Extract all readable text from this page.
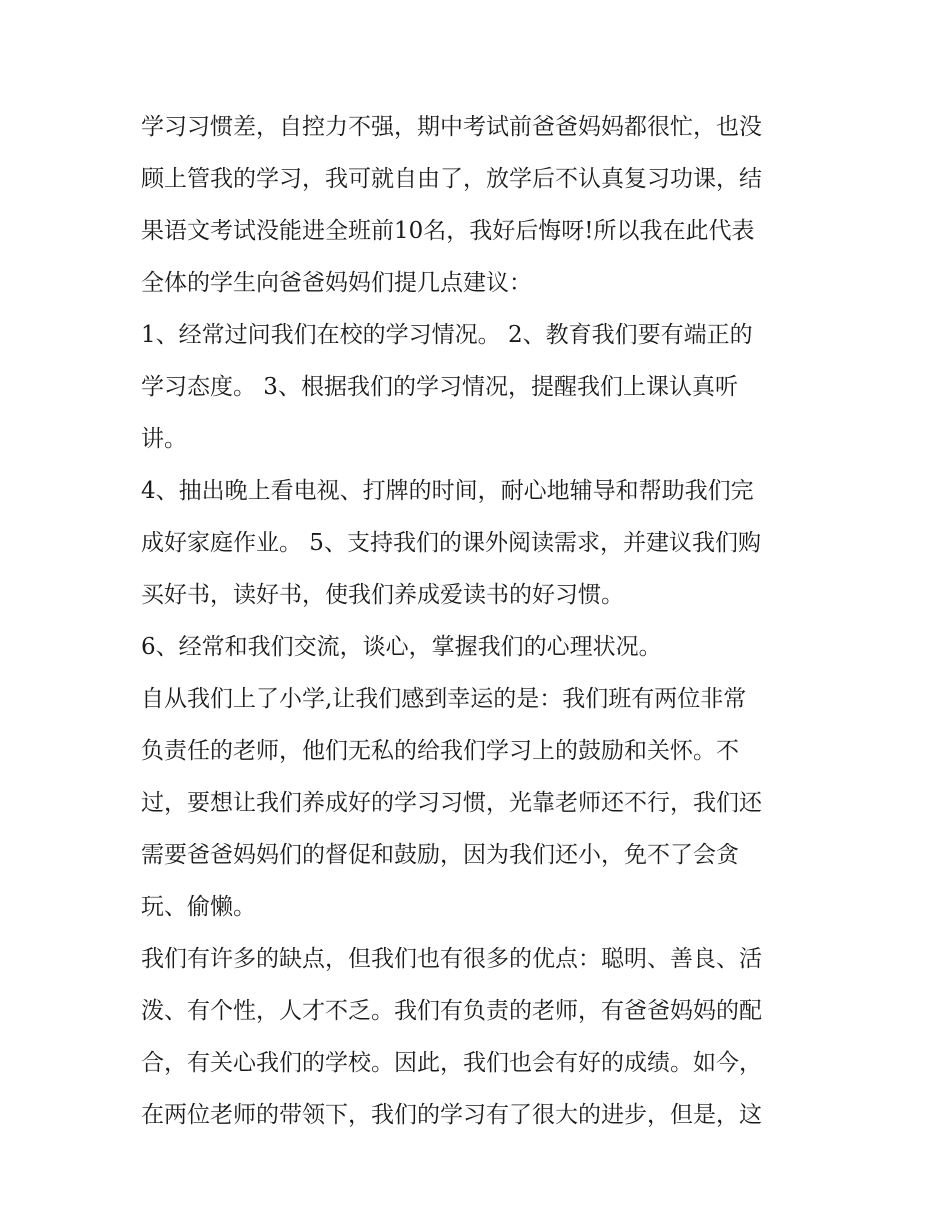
学习习惯差，自控力不强，期中考试前爸爸妈妈都很忙，也没
顾上管我的学习，我可就自由了，放学后不认真复习功课，结
果语文考试没能进全班前10名，我好后悔呀!所以我在此代表
全体的学生向爸爸妈妈们提几点建议：
1、经常过问我们在校的学习情况。 2、教育我们要有端正的
学习态度。 3、根据我们的学习情况，提醒我们上课认真听
讲。
4、抽出晚上看电视、打牌的时间，耐心地辅导和帮助我们完
成好家庭作业。 5、支持我们的课外阅读需求，并建议我们购
买好书，读好书，使我们养成爱读书的好习惯。
6、经常和我们交流，谈心，掌握我们的心理状况。
自从我们上了小学,让我们感到幸运的是：我们班有两位非常
负责任的老师，他们无私的给我们学习上的鼓励和关怀。不
过，要想让我们养成好的学习习惯，光靠老师还不行，我们还
需要爸爸妈妈们的督促和鼓励，因为我们还小，免不了会贪
玩、偷懒。
我们有许多的缺点，但我们也有很多的优点：聪明、善良、活
泼、有个性，人才不乏。我们有负责的老师，有爸爸妈妈的配
合，有关心我们的学校。因此，我们也会有好的成绩。如今，
在两位老师的带领下，我们的学习有了很大的进步，但是，这
